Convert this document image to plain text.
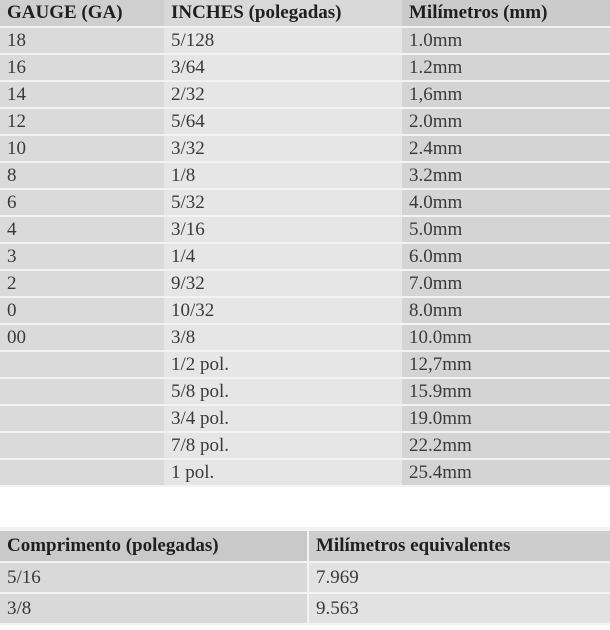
GAUGE (GA)	INCHES (polegadas)	Milímetros (mm)
18	5/128	1.0mm
16	3/64	1.2mm
14	2/32	1,6mm
12	5/64	2.0mm
10	3/32	2.4mm
8	1/8	3.2mm
6	5/32	4.0mm
4	3/16	5.0mm
3	1/4	6.0mm
2	9/32	7.0mm
0	10/32	8.0mm
00	3/8	10.0mm
	1/2 pol.	12,7mm
	5/8 pol.	15.9mm
	3/4 pol.	19.0mm
	7/8 pol.	22.2mm
	1 pol.	25.4mm
Comprimento (polegadas)	Milímetros equivalentes
5/16	7.969
3/8	9.563
